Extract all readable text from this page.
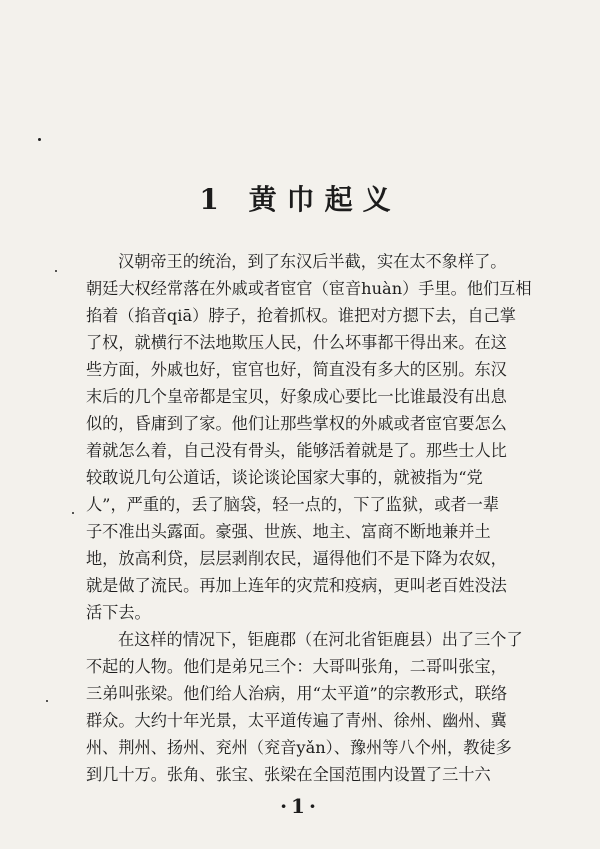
1 黄巾起义
汉朝帝王的统治，到了东汉后半截，实在太不象样了。
朝廷大权经常落在外戚或者宦官（宦音huàn）手里。他们互相
掐着（掐音qiā）脖子，抢着抓权。谁把对方摁下去，自己掌
了权，就横行不法地欺压人民，什么坏事都干得出来。在这
些方面，外戚也好，宦官也好，简直没有多大的区别。东汉
末后的几个皇帝都是宝贝，好象成心要比一比谁最没有出息
似的，昏庸到了家。他们让那些掌权的外戚或者宦官要怎么
着就怎么着，自己没有骨头，能够活着就是了。那些士人比
较敢说几句公道话，谈论谈论国家大事的，就被指为“党
人”，严重的，丢了脑袋，轻一点的，下了监狱，或者一辈
子不准出头露面。豪强、世族、地主、富商不断地兼并土
地，放高利贷，层层剥削农民，逼得他们不是下降为农奴，
就是做了流民。再加上连年的灾荒和疫病，更叫老百姓没法
活下去。
在这样的情况下，钜鹿郡（在河北省钜鹿县）出了三个了
不起的人物。他们是弟兄三个：大哥叫张角，二哥叫张宝，
三弟叫张梁。他们给人治病，用“太平道”的宗教形式，联络
群众。大约十年光景，太平道传遍了青州、徐州、幽州、冀
州、荆州、扬州、兖州（兖音yǎn）、豫州等八个州，教徒多
到几十万。张角、张宝、张梁在全国范围内设置了三十六
·1·
